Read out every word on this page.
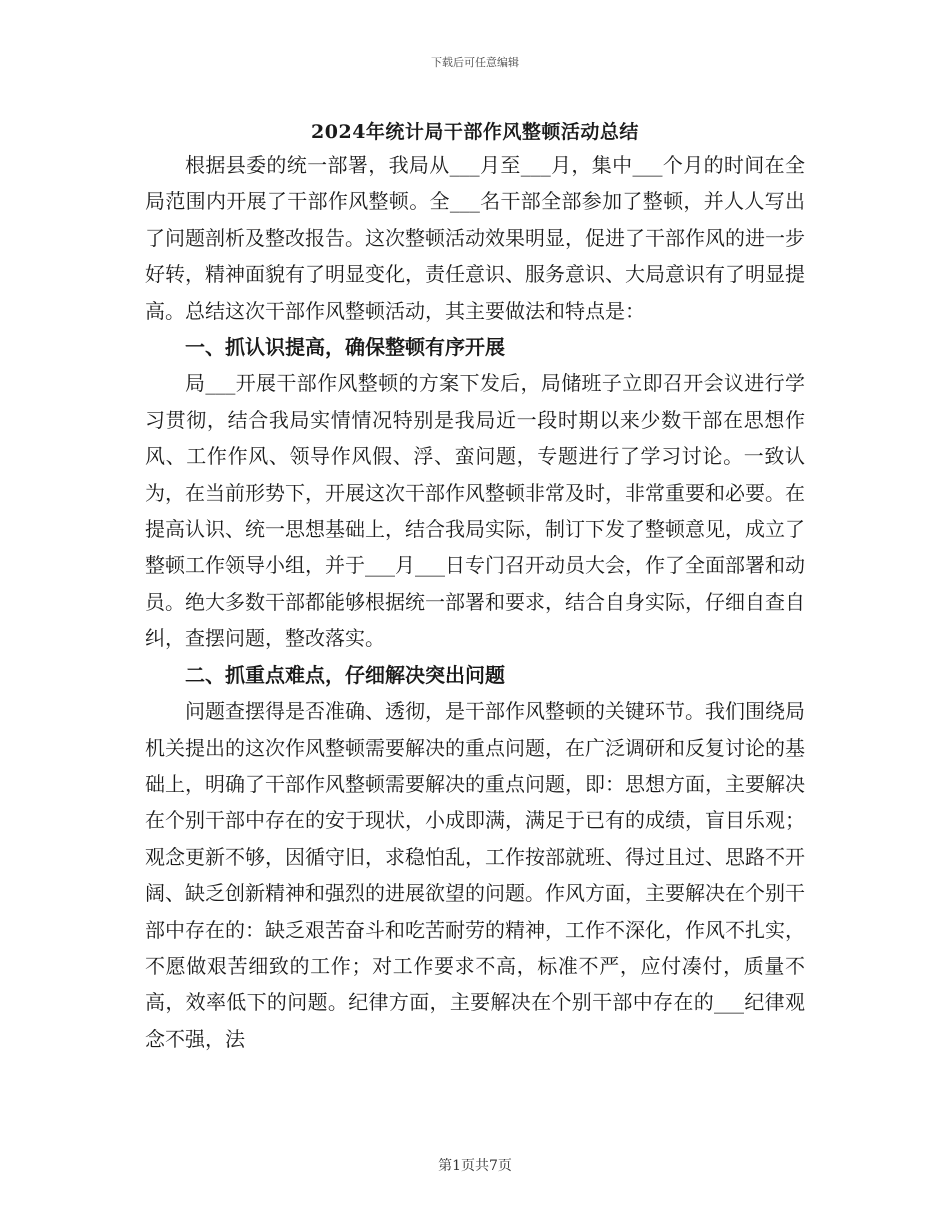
下载后可任意编辑
2024年统计局干部作风整顿活动总结

根据县委的统一部署，我局从___月至___月，集中___个月的时间在全局范围内开展了干部作风整顿。全___名干部全部参加了整顿，并人人写出了问题剖析及整改报告。这次整顿活动效果明显，促进了干部作风的进一步好转，精神面貌有了明显变化，责任意识、服务意识、大局意识有了明显提高。总结这次干部作风整顿活动，其主要做法和特点是：

一、抓认识提高，确保整顿有序开展

局___开展干部作风整顿的方案下发后，局储班子立即召开会议进行学习贯彻，结合我局实情情况特别是我局近一段时期以来少数干部在思想作风、工作作风、领导作风假、浮、蛮问题，专题进行了学习讨论。一致认为，在当前形势下，开展这次干部作风整顿非常及时，非常重要和必要。在提高认识、统一思想基础上，结合我局实际，制订下发了整顿意见，成立了整顿工作领导小组，并于___月___日专门召开动员大会，作了全面部署和动员。绝大多数干部都能够根据统一部署和要求，结合自身实际，仔细自查自纠，查摆问题，整改落实。

二、抓重点难点，仔细解决突出问题

问题查摆得是否准确、透彻，是干部作风整顿的关键环节。我们围绕局机关提出的这次作风整顿需要解决的重点问题，在广泛调研和反复讨论的基础上，明确了干部作风整顿需要解决的重点问题，即：思想方面，主要解决在个别干部中存在的安于现状，小成即满，满足于已有的成绩，盲目乐观；观念更新不够，因循守旧，求稳怕乱，工作按部就班、得过且过、思路不开阔、缺乏创新精神和强烈的进展欲望的问题。作风方面，主要解决在个别干部中存在的：缺乏艰苦奋斗和吃苦耐劳的精神，工作不深化，作风不扎实，不愿做艰苦细致的工作；对工作要求不高，标准不严，应付凑付，质量不高，效率低下的问题。纪律方面，主要解决在个别干部中存在的___纪律观念不强，法

第1页共7页
